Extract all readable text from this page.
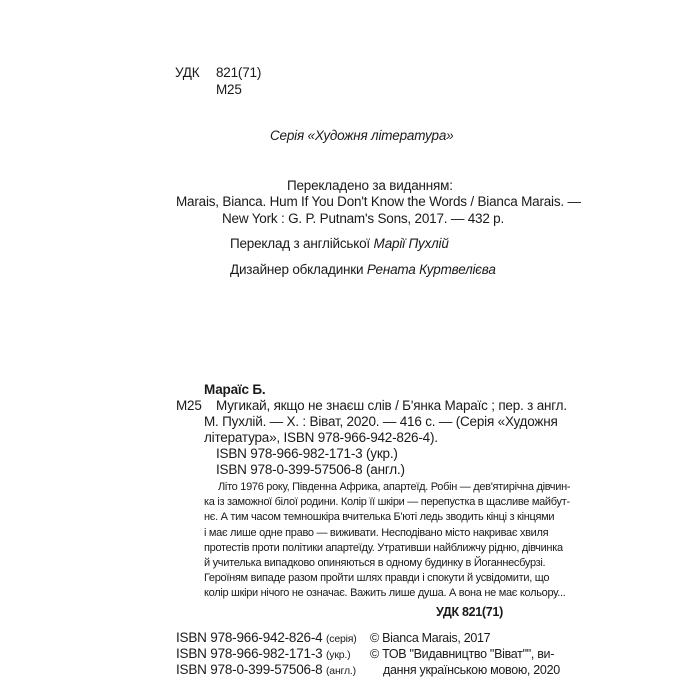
УДК 821(71)
М25
Серія «Художня література»
Перекладено за виданням:
Marais, Bianca. Hum If You Don't Know the Words / Bianca Marais. —
New York : G. P. Putnam's Sons, 2017. — 432 p.
Переклад з англійської Марії Пухлій
Дизайнер обкладинки Рената Куртвелієва
Мараїс Б.
М25 Мугикай, якщо не знаєш слів / Б'янка Мараїс ; пер. з англ.
М. Пухлій. — Х. : Віват, 2020. — 416 с. — (Серія «Художня
література», ISBN 978-966-942-826-4).
ISBN 978-966-982-171-3 (укр.)
ISBN 978-0-399-57506-8 (англ.)
Літо 1976 року, Південна Африка, апартеїд. Робін — дев'ятирічна дівчин-
ка із заможної білої родини. Колір її шкіри — перепустка в щасливе майбут-
нє. А тим часом темношкіра вчителька Б'юті ледь зводить кінці з кінцями
і має лише одне право — виживати. Несподівано місто накриває хвиля
протестів проти політики апартеїду. Утративши найближчу рідню, дівчинка
й учителька випадково опиняються в одному будинку в Йоганнесбурзі.
Героїням випаде разом пройти шлях правди і спокути й усвідомити, що
колір шкіри нічого не означає. Важить лише душа. А вона не має кольору...
УДК 821(71)
ISBN 978-966-942-826-4 (серія)
ISBN 978-966-982-171-3 (укр.)
ISBN 978-0-399-57506-8 (англ.)
© Bianca Marais, 2017
© ТОВ "Видавництво "Віват"", ви-
дання українською мовою, 2020
